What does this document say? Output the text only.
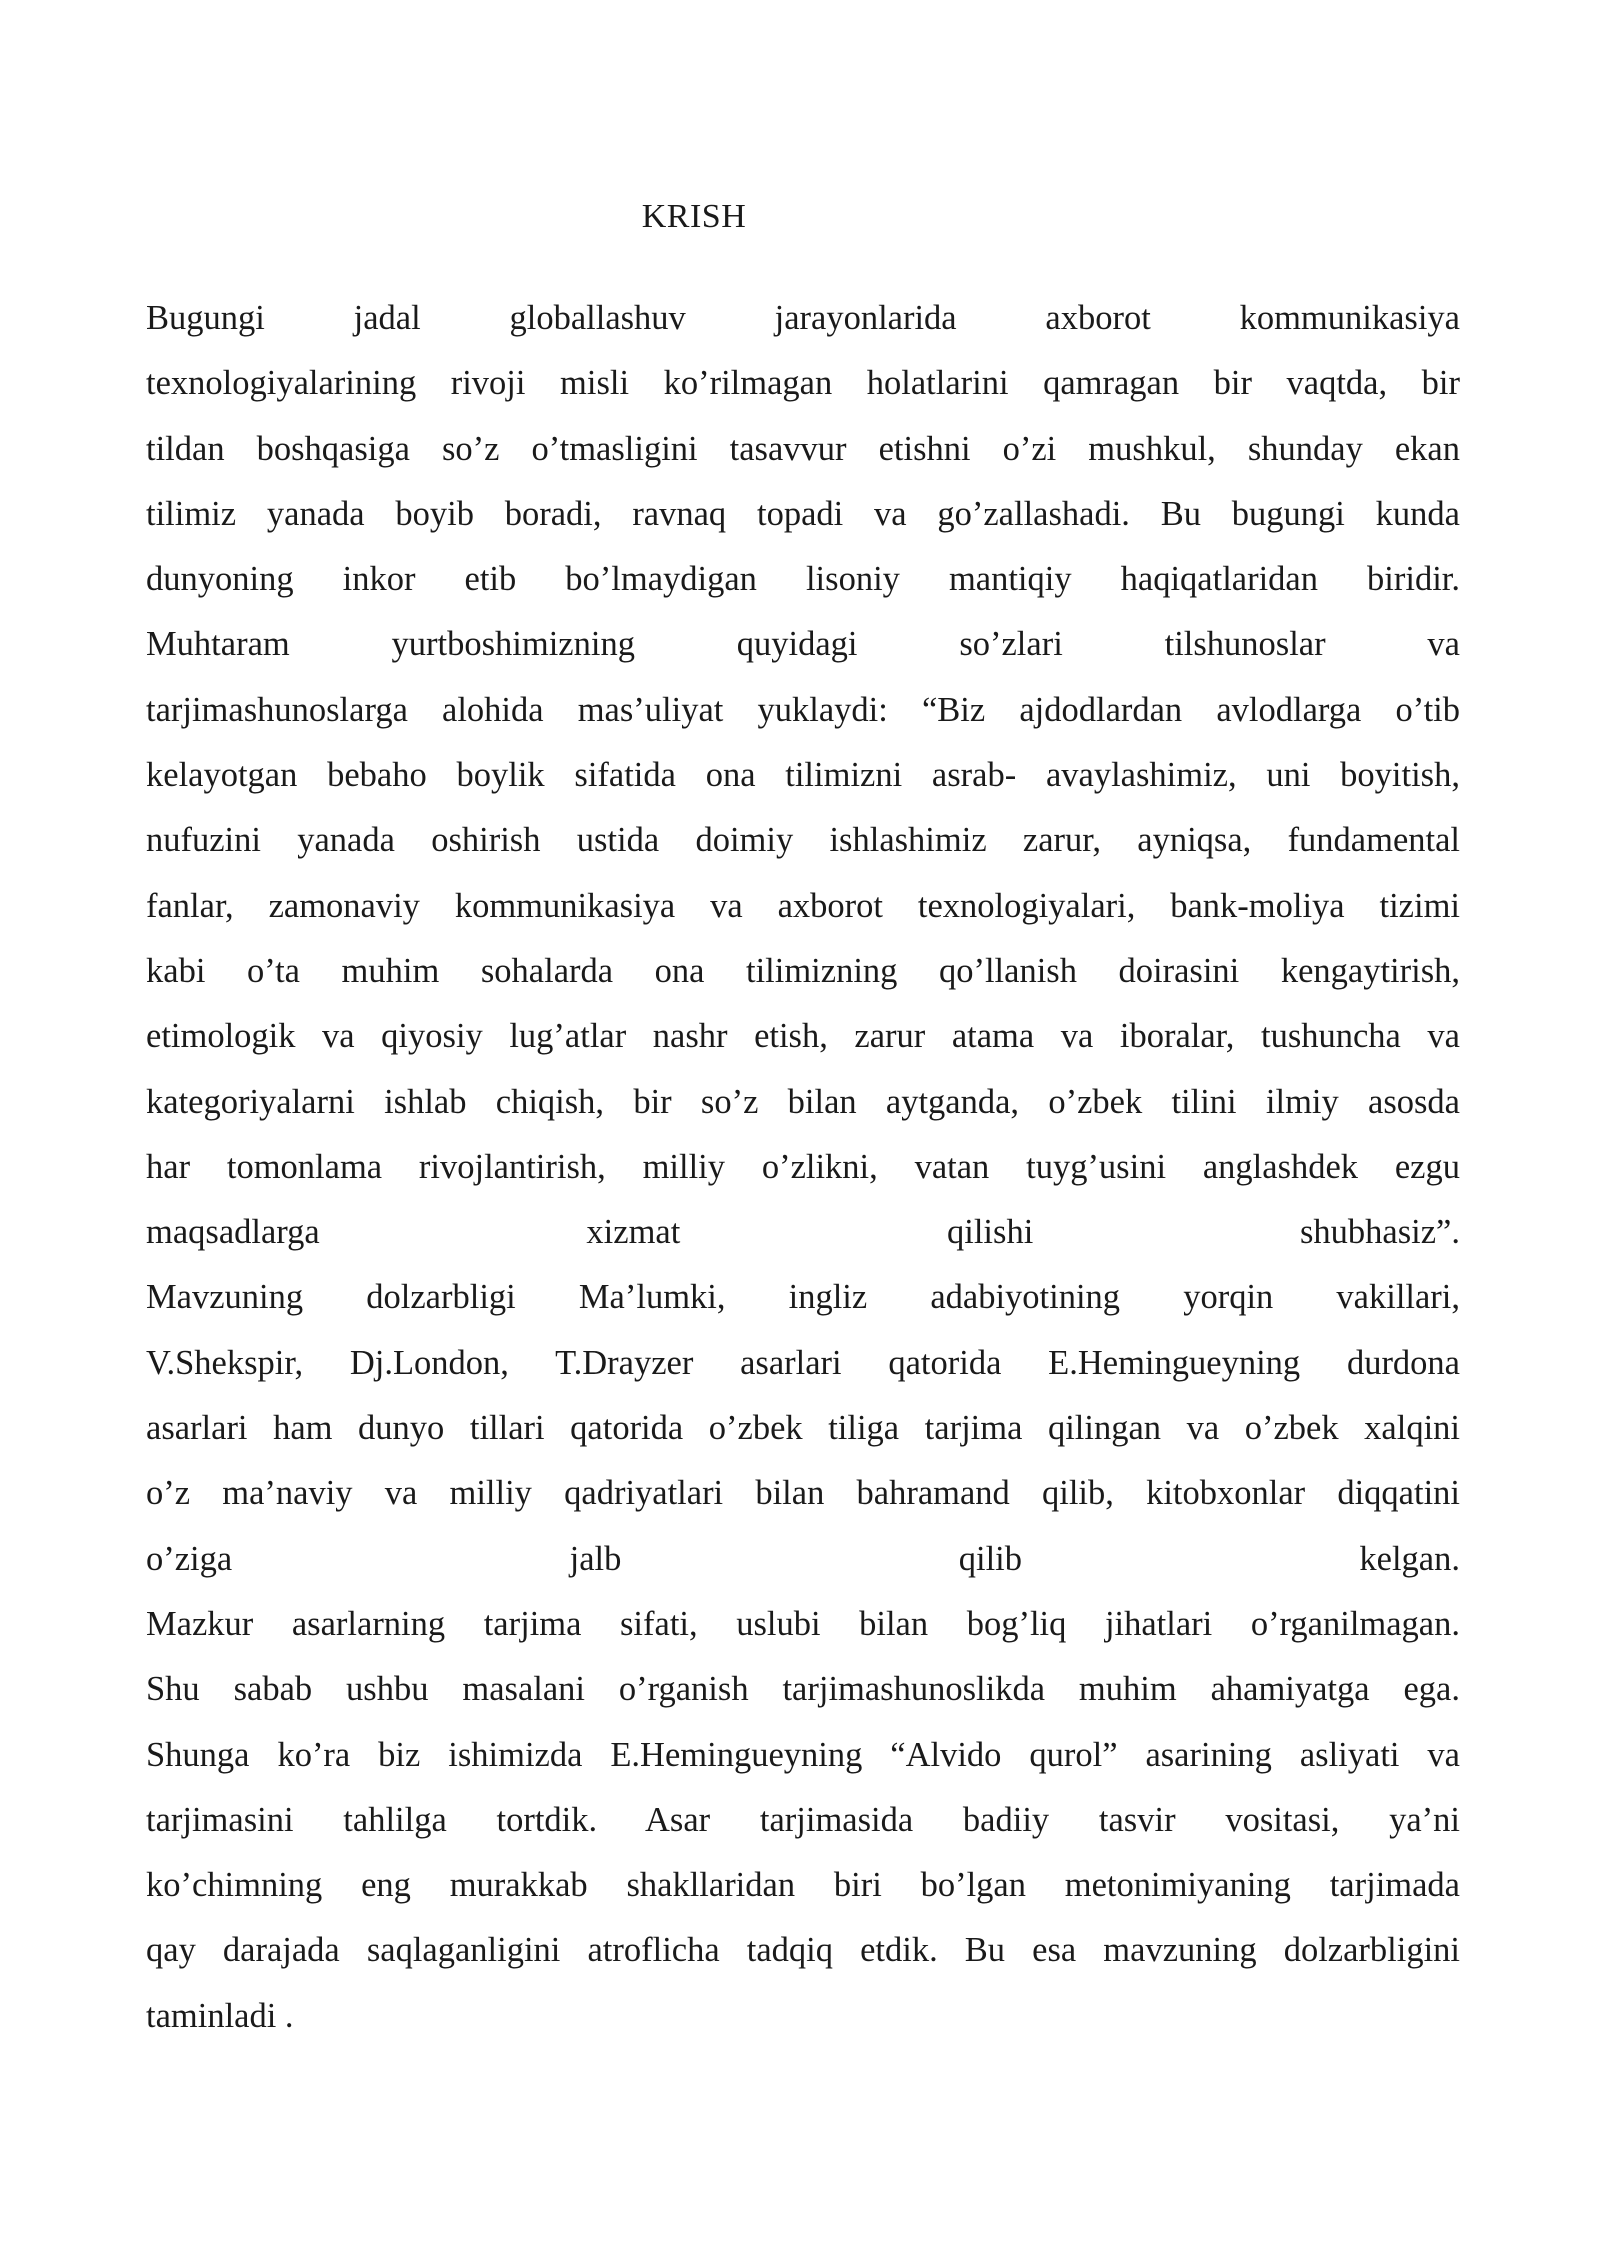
KRISH
Bugungi jadal globallashuv jarayonlarida axborot kommunikasiya
texnologiyalarining rivoji misli ko’rilmagan holatlarini qamragan bir vaqtda, bir
tildan boshqasiga so’z o’tmasligini tasavvur etishni o’zi mushkul, shunday ekan
tilimiz yanada boyib boradi, ravnaq topadi va go’zallashadi. Bu bugungi kunda
dunyoning inkor etib bo’lmaydigan lisoniy mantiqiy haqiqatlaridan biridir.
Muhtaram yurtboshimizning quyidagi so’zlari tilshunoslar va
tarjimashunoslarga alohida mas’uliyat yuklaydi: “Biz ajdodlardan avlodlarga o’tib
kelayotgan bebaho boylik sifatida ona tilimizni asrab- avaylashimiz, uni boyitish,
nufuzini yanada oshirish ustida doimiy ishlashimiz zarur, ayniqsa, fundamental
fanlar, zamonaviy kommunikasiya va axborot texnologiyalari, bank-moliya tizimi
kabi o’ta muhim sohalarda ona tilimizning qo’llanish doirasini kengaytirish,
etimologik va qiyosiy lug’atlar nashr etish, zarur atama va iboralar, tushuncha va
kategoriyalarni ishlab chiqish, bir so’z bilan aytganda, o’zbek tilini ilmiy asosda
har tomonlama rivojlantirish, milliy o’zlikni, vatan tuyg’usini anglashdek ezgu
maqsadlarga xizmat qilishi shubhasiz”.
Mavzuning dolzarbligi Ma’lumki, ingliz adabiyotining yorqin vakillari,
V.Shekspir, Dj.London, T.Drayzer asarlari qatorida E.Hemingueyning durdona
asarlari ham dunyo tillari qatorida o’zbek tiliga tarjima qilingan va o’zbek xalqini
o’z ma’naviy va milliy qadriyatlari bilan bahramand qilib, kitobxonlar diqqatini
o’ziga jalb qilib kelgan.
Mazkur asarlarning tarjima sifati, uslubi bilan bog’liq jihatlari o’rganilmagan.
Shu sabab ushbu masalani o’rganish tarjimashunoslikda muhim ahamiyatga ega.
Shunga ko’ra biz ishimizda E.Hemingueyning “Alvido qurol” asarining asliyati va
tarjimasini tahlilga tortdik. Asar tarjimasida badiiy tasvir vositasi, ya’ni
ko’chimning eng murakkab shakllaridan biri bo’lgan metonimiyaning tarjimada
qay darajada saqlaganligini atroflicha tadqiq etdik. Bu esa mavzuning dolzarbligini
taminladi .
